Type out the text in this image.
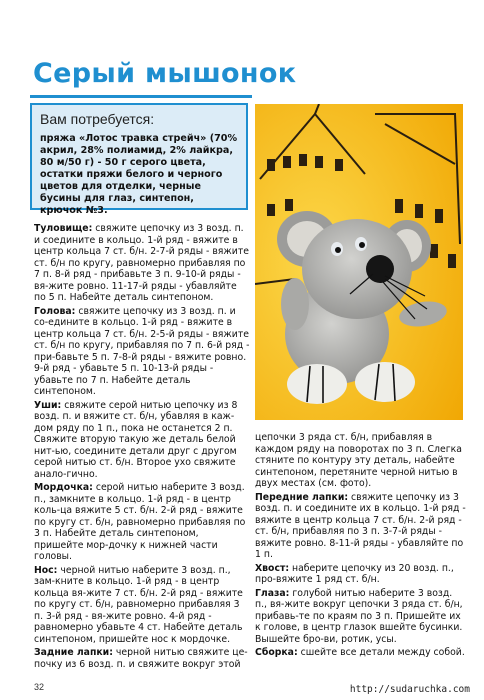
Серый мышонок
Вам потребуется:
пряжа «Лотос травка стрейч» (70% акрил, 28% полиамид, 2% лайкра, 80 м/50 г) - 50 г серого цвета, остатки пряжи белого и черного цветов для отделки, черные бусины для глаз, синтепон, крючок №3.

Туловище: свяжите цепочку из 3 возд. п. и соедините в кольцо. 1-й ряд - вяжите в центр кольца 7 ст. б/н. 2-7-й ряды - вяжите ст. б/н по кругу, равномерно прибавляя по 7 п. 8-й ряд - прибавьте 3 п. 9-10-й ряды - вя-жите ровно. 11-17-й ряды - убавляйте по 5 п. Набейте деталь синтепоном.

Голова: свяжите цепочку из 3 возд. п. и со-едините в кольцо. 1-й ряд - вяжите в центр кольца 7 ст. б/н. 2-5-й ряды - вяжите ст. б/н по кругу, прибавляя по 7 п. 6-й ряд - при-бавьте 5 п. 7-8-й ряды - вяжите ровно. 9-й ряд - убавьте 5 п. 10-13-й ряды - убавьте по 7 п. Набейте деталь синтепоном.

Уши: свяжите серой нитью цепочку из 8 возд. п. и вяжите ст. б/н, убавляя в каж-дом ряду по 1 п., пока не останется 2 п. Свяжите вторую такую же деталь белой нит-ью, соедините детали друг с другом серой нитью ст. б/н. Второе ухо свяжите анало-гично.

Мордочка: серой нитью наберите 3 возд. п., замкните в кольцо. 1-й ряд - в центр коль-ца вяжите 5 ст. б/н. 2-й ряд - вяжите по кругу ст. б/н, равномерно прибавляя по 3 п. Набейте деталь синтепоном, пришейте мор-дочку к нижней части головы.

Нос: черной нитью наберите 3 возд. п., зам-кните в кольцо. 1-й ряд - в центр кольца вя-жите 7 ст. б/н. 2-й ряд - вяжите по кругу ст. б/н, равномерно прибавляя 3 п. 3-й ряд - вя-жите ровно. 4-й ряд - равномерно убавьте 4 ст. Набейте деталь синтепоном, пришейте нос к мордочке.

Задние лапки: черной нитью свяжите це-почку из 6 возд. п. и свяжите вокруг этой

цепочки 3 ряда ст. б/н, прибавляя в каждом ряду на поворотах по 3 п. Слегка стяните по контуру эту деталь, набейте синтепоном, перетяните черной нитью в двух местах (см. фото).

Передние лапки: свяжите цепочку из 3 возд. п. и соедините их в кольцо. 1-й ряд - вяжите в центр кольца 7 ст. б/н. 2-й ряд - ст. б/н, прибавляя по 3 п. 3-7-й ряды - вяжите ровно. 8-11-й ряды - убавляйте по 1 п.

Хвост: наберите цепочку из 20 возд. п., про-вяжите 1 ряд ст. б/н.

Глаза: голубой нитью наберите 3 возд. п., вя-жите вокруг цепочки 3 ряда ст. б/н, прибавь-те по краям по 3 п. Пришейте их к голове, в центр глазок вшейте бусинки. Вышейте бро-ви, ротик, усы.

Сборка: сшейте все детали между собой.

32	http://sudaruchka.com
